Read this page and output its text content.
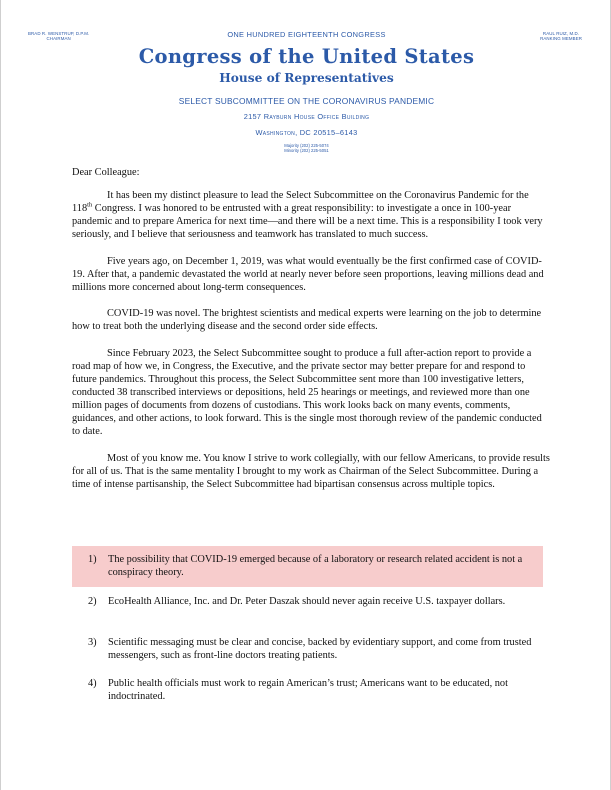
BRAD R. WENSTRUP, D.P.M.
CHAIRMAN
RAUL RUIZ, M.D.
RANKING MEMBER
ONE HUNDRED EIGHTEENTH CONGRESS
Congress of the United States
House of Representatives
SELECT SUBCOMMITTEE ON THE CORONAVIRUS PANDEMIC
2157 Rayburn House Office Building
Washington, DC 20515–6143
Majority (202) 225-5074
Minority (202) 225-5051

Dear Colleague:

It has been my distinct pleasure to lead the Select Subcommittee on the Coronavirus Pandemic for the 118th Congress. I was honored to be entrusted with a great responsibility: to investigate a once in 100-year pandemic and to prepare America for next time—and there will be a next time. This is a responsibility I took very seriously, and I believe that seriousness and teamwork has translated to much success.

Five years ago, on December 1, 2019, was what would eventually be the first confirmed case of COVID-19. After that, a pandemic devastated the world at nearly never before seen proportions, leaving millions dead and millions more concerned about long-term consequences.

COVID-19 was novel. The brightest scientists and medical experts were learning on the job to determine how to treat both the underlying disease and the second order side effects.

Since February 2023, the Select Subcommittee sought to produce a full after-action report to provide a road map of how we, in Congress, the Executive, and the private sector may better prepare for and respond to future pandemics. Throughout this process, the Select Subcommittee sent more than 100 investigative letters, conducted 38 transcribed interviews or depositions, held 25 hearings or meetings, and reviewed more than one million pages of documents from dozens of custodians. This work looks back on many events, comments, guidances, and other actions, to look forward. This is the single most thorough review of the pandemic conducted to date.

Most of you know me. You know I strive to work collegially, with our fellow Americans, to provide results for all of us. That is the same mentality I brought to my work as Chairman of the Select Subcommittee. During a time of intense partisanship, the Select Subcommittee had bipartisan consensus across multiple topics.

1) The possibility that COVID-19 emerged because of a laboratory or research related accident is not a conspiracy theory.
2) EcoHealth Alliance, Inc. and Dr. Peter Daszak should never again receive U.S. taxpayer dollars.
3) Scientific messaging must be clear and concise, backed by evidentiary support, and come from trusted messengers, such as front-line doctors treating patients.
4) Public health officials must work to regain American’s trust; Americans want to be educated, not indoctrinated.
